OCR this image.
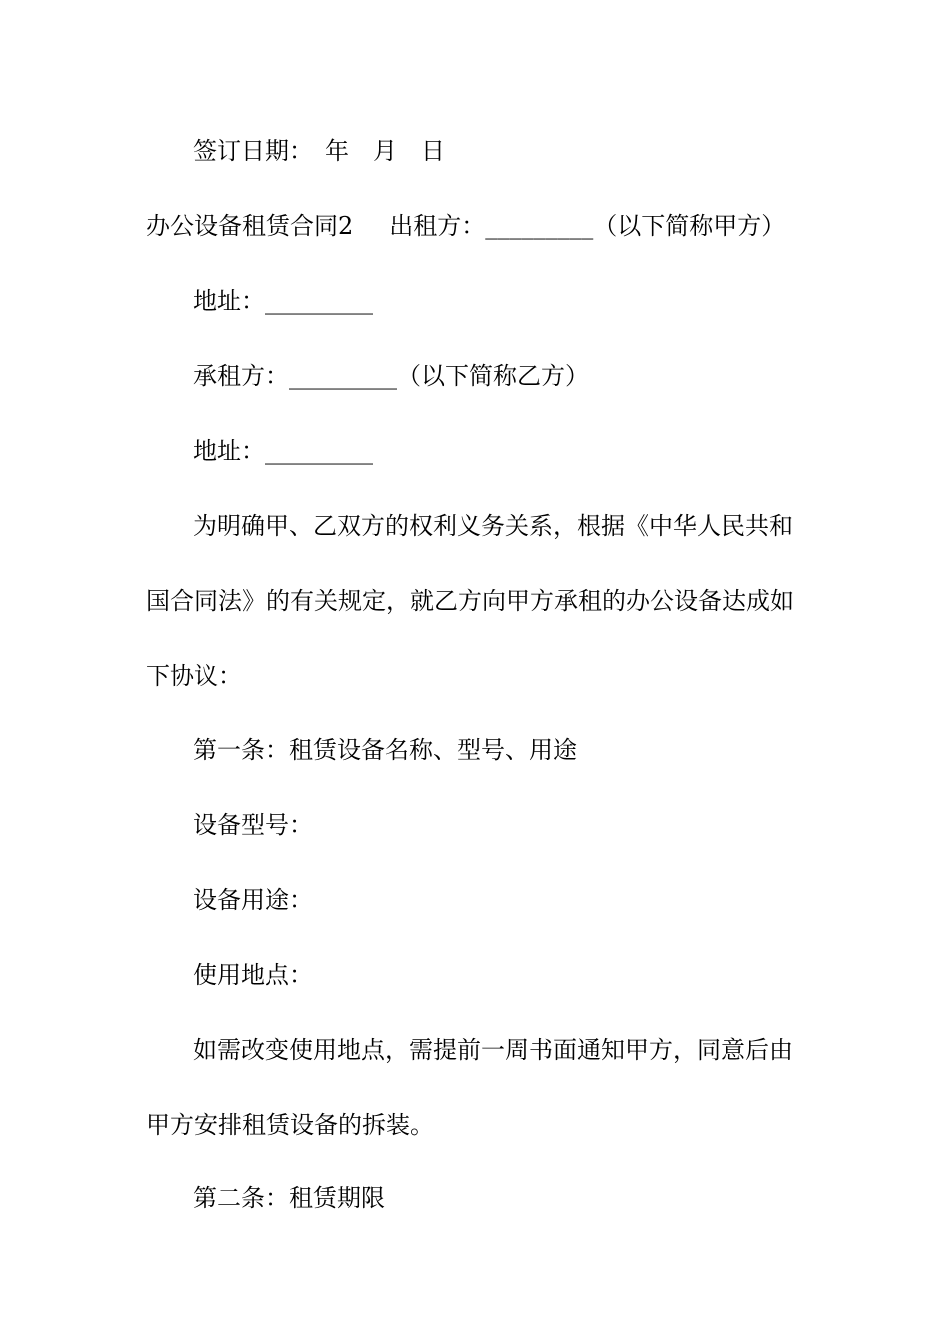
签订日期：　年　月　日
办公设备租赁合同2 出租方：_________（以下简称甲方）
地址：_________
承租方：_________（以下简称乙方）
地址：_________
为明确甲、乙双方的权利义务关系，根据《中华人民共和
国合同法》的有关规定，就乙方向甲方承租的办公设备达成如
下协议：
第一条：租赁设备名称、型号、用途
设备型号：
设备用途：
使用地点：
如需改变使用地点，需提前一周书面通知甲方，同意后由
甲方安排租赁设备的拆装。
第二条：租赁期限
